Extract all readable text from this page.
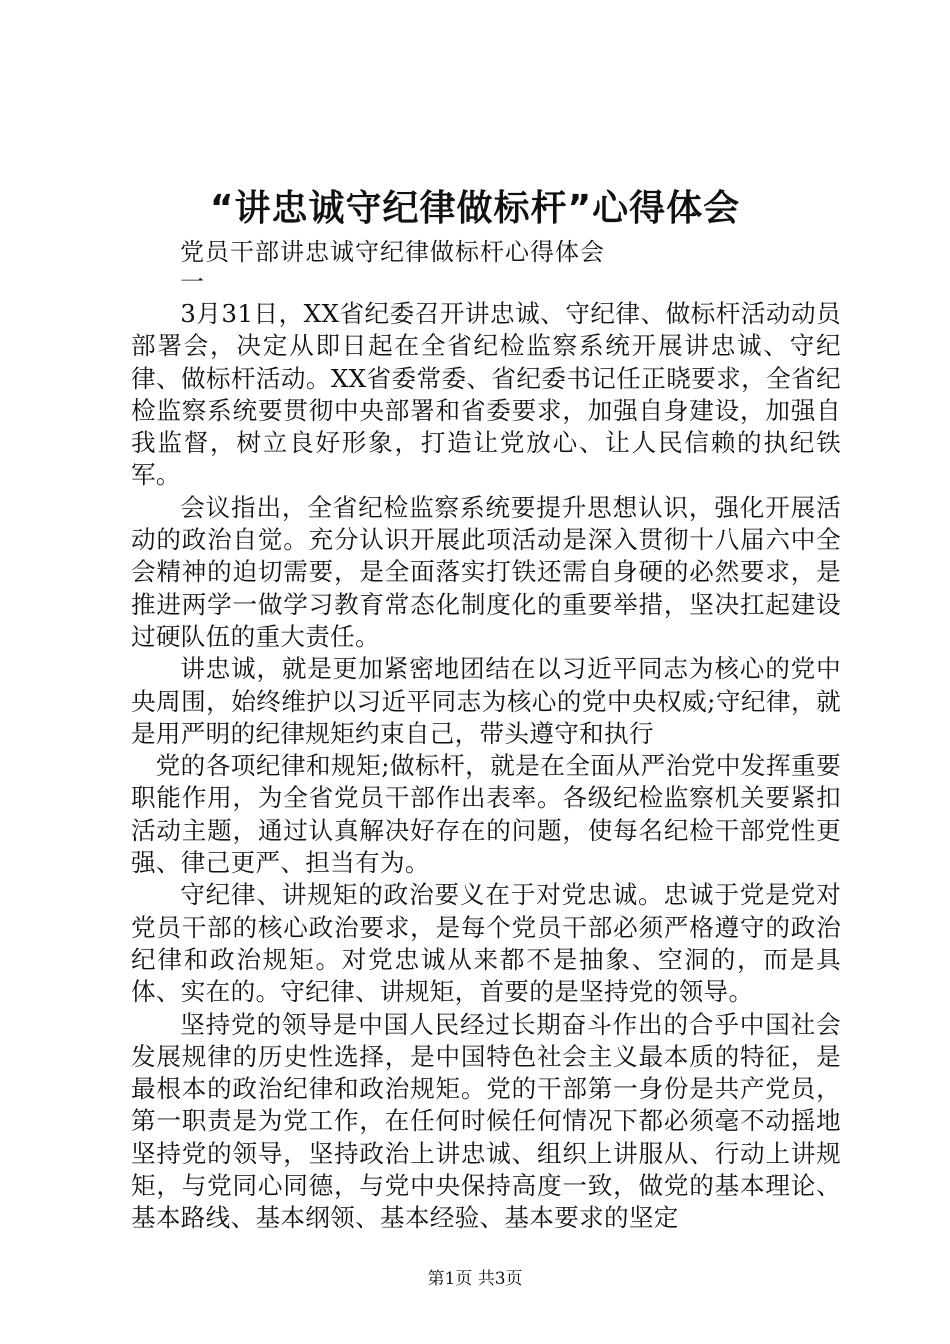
“讲忠诚守纪律做标杆”心得体会
党员干部讲忠诚守纪律做标杆心得体会
一

3月31日，XX省纪委召开讲忠诚、守纪律、做标杆活动动员部署会，决定从即日起在全省纪检监察系统开展讲忠诚、守纪律、做标杆活动。XX省委常委、省纪委书记任正晓要求，全省纪检监察系统要贯彻中央部署和省委要求，加强自身建设，加强自我监督，树立良好形象，打造让党放心、让人民信赖的执纪铁军。

会议指出，全省纪检监察系统要提升思想认识，强化开展活动的政治自觉。充分认识开展此项活动是深入贯彻十八届六中全会精神的迫切需要，是全面落实打铁还需自身硬的必然要求，是推进两学一做学习教育常态化制度化的重要举措，坚决扛起建设过硬队伍的重大责任。

讲忠诚，就是更加紧密地团结在以习近平同志为核心的党中央周围，始终维护以习近平同志为核心的党中央权威;守纪律，就是用严明的纪律规矩约束自己，带头遵守和执行

党的各项纪律和规矩;做标杆，就是在全面从严治党中发挥重要职能作用，为全省党员干部作出表率。各级纪检监察机关要紧扣活动主题，通过认真解决好存在的问题，使每名纪检干部党性更强、律己更严、担当有为。

守纪律、讲规矩的政治要义在于对党忠诚。忠诚于党是党对党员干部的核心政治要求，是每个党员干部必须严格遵守的政治纪律和政治规矩。对党忠诚从来都不是抽象、空洞的，而是具体、实在的。守纪律、讲规矩，首要的是坚持党的领导。

坚持党的领导是中国人民经过长期奋斗作出的合乎中国社会发展规律的历史性选择，是中国特色社会主义最本质的特征，是最根本的政治纪律和政治规矩。党的干部第一身份是共产党员，第一职责是为党工作，在任何时候任何情况下都必须毫不动摇地坚持党的领导，坚持政治上讲忠诚、组织上讲服从、行动上讲规矩，与党同心同德，与党中央保持高度一致，做党的基本理论、基本路线、基本纲领、基本经验、基本要求的坚定

第1页 共3页
